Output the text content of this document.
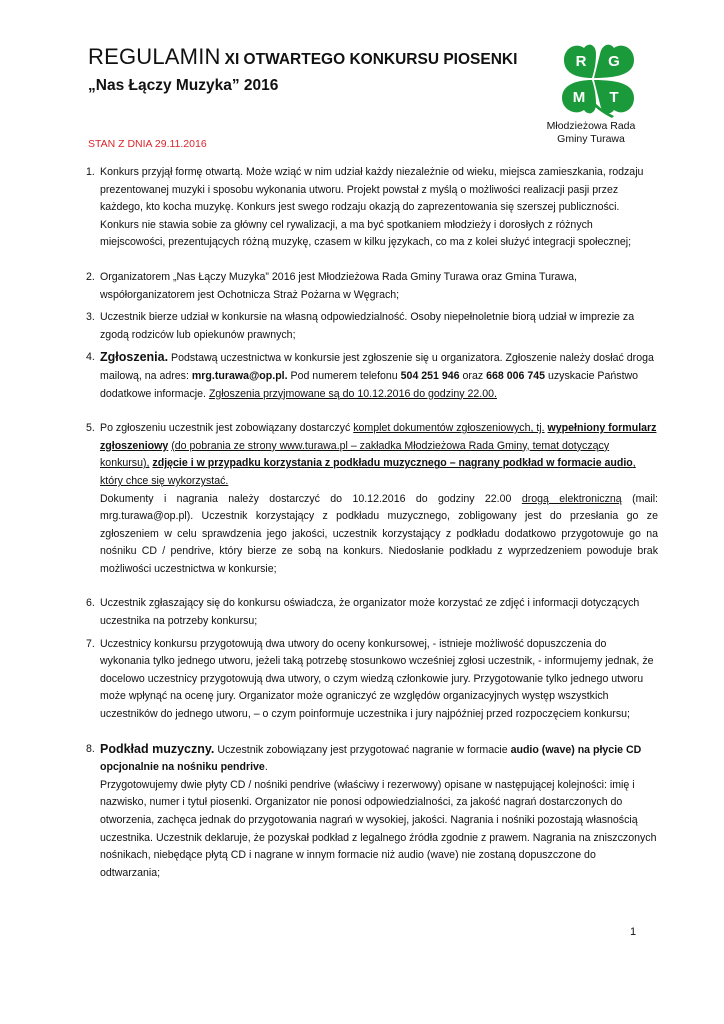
REGULAMIN XI OTWARTEGO KONKURSU PIOSENKI
„Nas Łączy Muzyka” 2016
R G
M T
Młodzieżowa Rada
Gminy Turawa
STAN Z DNIA 29.11.2016
1. Konkurs przyjął formę otwartą. Może wziąć w nim udział każdy niezależnie od wieku, miejsca zamieszkania, rodzaju prezentowanej muzyki i sposobu wykonania utworu. Projekt powstał z myślą o możliwości realizacji pasji przez każdego, kto kocha muzykę. Konkurs jest swego rodzaju okazją do zaprezentowania się szerszej publiczności. Konkurs nie stawia sobie za główny cel rywalizacji, a ma być spotkaniem młodzieży i dorosłych z różnych miejscowości, prezentujących różną muzykę, czasem w kilku językach, co ma z kolei służyć integracji społecznej;

2. Organizatorem „Nas Łączy Muzyka” 2016 jest Młodzieżowa Rada Gminy Turawa oraz Gmina Turawa, współorganizatorem jest Ochotnicza Straż Pożarna w Węgrach;

3. Uczestnik bierze udział w konkursie na własną odpowiedzialność. Osoby niepełnoletnie biorą udział w imprezie za zgodą rodziców lub opiekunów prawnych;

4. Zgłoszenia. Podstawą uczestnictwa w konkursie jest zgłoszenie się u organizatora. Zgłoszenie należy dosłać droga mailową, na adres: mrg.turawa@op.pl. Pod numerem telefonu 504 251 946 oraz 668 006 745 uzyskacie Państwo dodatkowe informacje. Zgłoszenia przyjmowane są do 10.12.2016 do godziny 22.00.

5. Po zgłoszeniu uczestnik jest zobowiązany dostarczyć komplet dokumentów zgłoszeniowych, tj. wypełniony formularz zgłoszeniowy (do pobrania ze strony www.turawa.pl – zakładka Młodzieżowa Rada Gminy, temat dotyczący konkursu), zdjęcie i w przypadku korzystania z podkładu muzycznego – nagrany podkład w formacie audio, który chce się wykorzystać.

Dokumenty i nagrania należy dostarczyć do 10.12.2016 do godziny 22.00 drogą elektroniczną (mail: mrg.turawa@op.pl). Uczestnik korzystający z podkładu muzycznego, zobligowany jest do przesłania go ze zgłoszeniem w celu sprawdzenia jego jakości, uczestnik korzystający z podkładu dodatkowo przygotowuje go na nośniku CD / pendrive, który bierze ze sobą na konkurs. Niedosłanie podkładu z wyprzedzeniem powoduje brak możliwości uczestnictwa w konkursie;

6. Uczestnik zgłaszający się do konkursu oświadcza, że organizator może korzystać ze zdjęć i informacji dotyczących uczestnika na potrzeby konkursu;

7. Uczestnicy konkursu przygotowują dwa utwory do oceny konkursowej, - istnieje możliwość dopuszczenia do wykonania tylko jednego utworu, jeżeli taką potrzebę stosunkowo wcześniej zgłosi uczestnik, - informujemy jednak, że docelowo uczestnicy przygotowują dwa utwory, o czym wiedzą członkowie jury. Przygotowanie tylko jednego utworu może wpłynąć na ocenę jury. Organizator może ograniczyć ze względów organizacyjnych występ wszystkich uczestników do jednego utworu, – o czym poinformuje uczestnika i jury najpóźniej przed rozpoczęciem konkursu;

8. Podkład muzyczny. Uczestnik zobowiązany jest przygotować nagranie w formacie audio (wave) na płycie CD opcjonalnie na nośniku pendrive.

Przygotowujemy dwie płyty CD / nośniki pendrive (właściwy i rezerwowy) opisane w następującej kolejności: imię i nazwisko, numer i tytuł piosenki. Organizator nie ponosi odpowiedzialności, za jakość nagrań dostarczonych do otworzenia, zachęca jednak do przygotowania nagrań w wysokiej, jakości. Nagrania i nośniki pozostają własnością uczestnika. Uczestnik deklaruje, że pozyskał podkład z legalnego źródła zgodnie z prawem. Nagrania na zniszczonych nośnikach, niebędące płytą CD i nagrane w innym formacie niż audio (wave) nie zostaną dopuszczone do odtwarzania;

1
